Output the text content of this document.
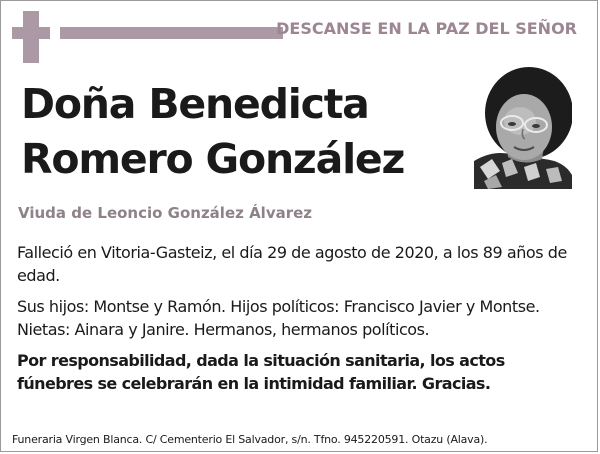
DESCANSE EN LA PAZ DEL SEÑOR
Doña Benedicta
Romero González
Viuda de Leoncio González Álvarez

Falleció en Vitoria-Gasteiz, el día 29 de agosto de 2020, a los 89 años de edad.

Sus hijos: Montse y Ramón. Hijos políticos: Francisco Javier y Montse.
Nietas: Ainara y Janire. Hermanos, hermanos políticos.

Por responsabilidad, dada la situación sanitaria, los actos fúnebres se celebrarán en la intimidad familiar. Gracias.

Funeraria Virgen Blanca. C/ Cementerio El Salvador, s/n. Tfno. 945220591. Otazu (Alava).
